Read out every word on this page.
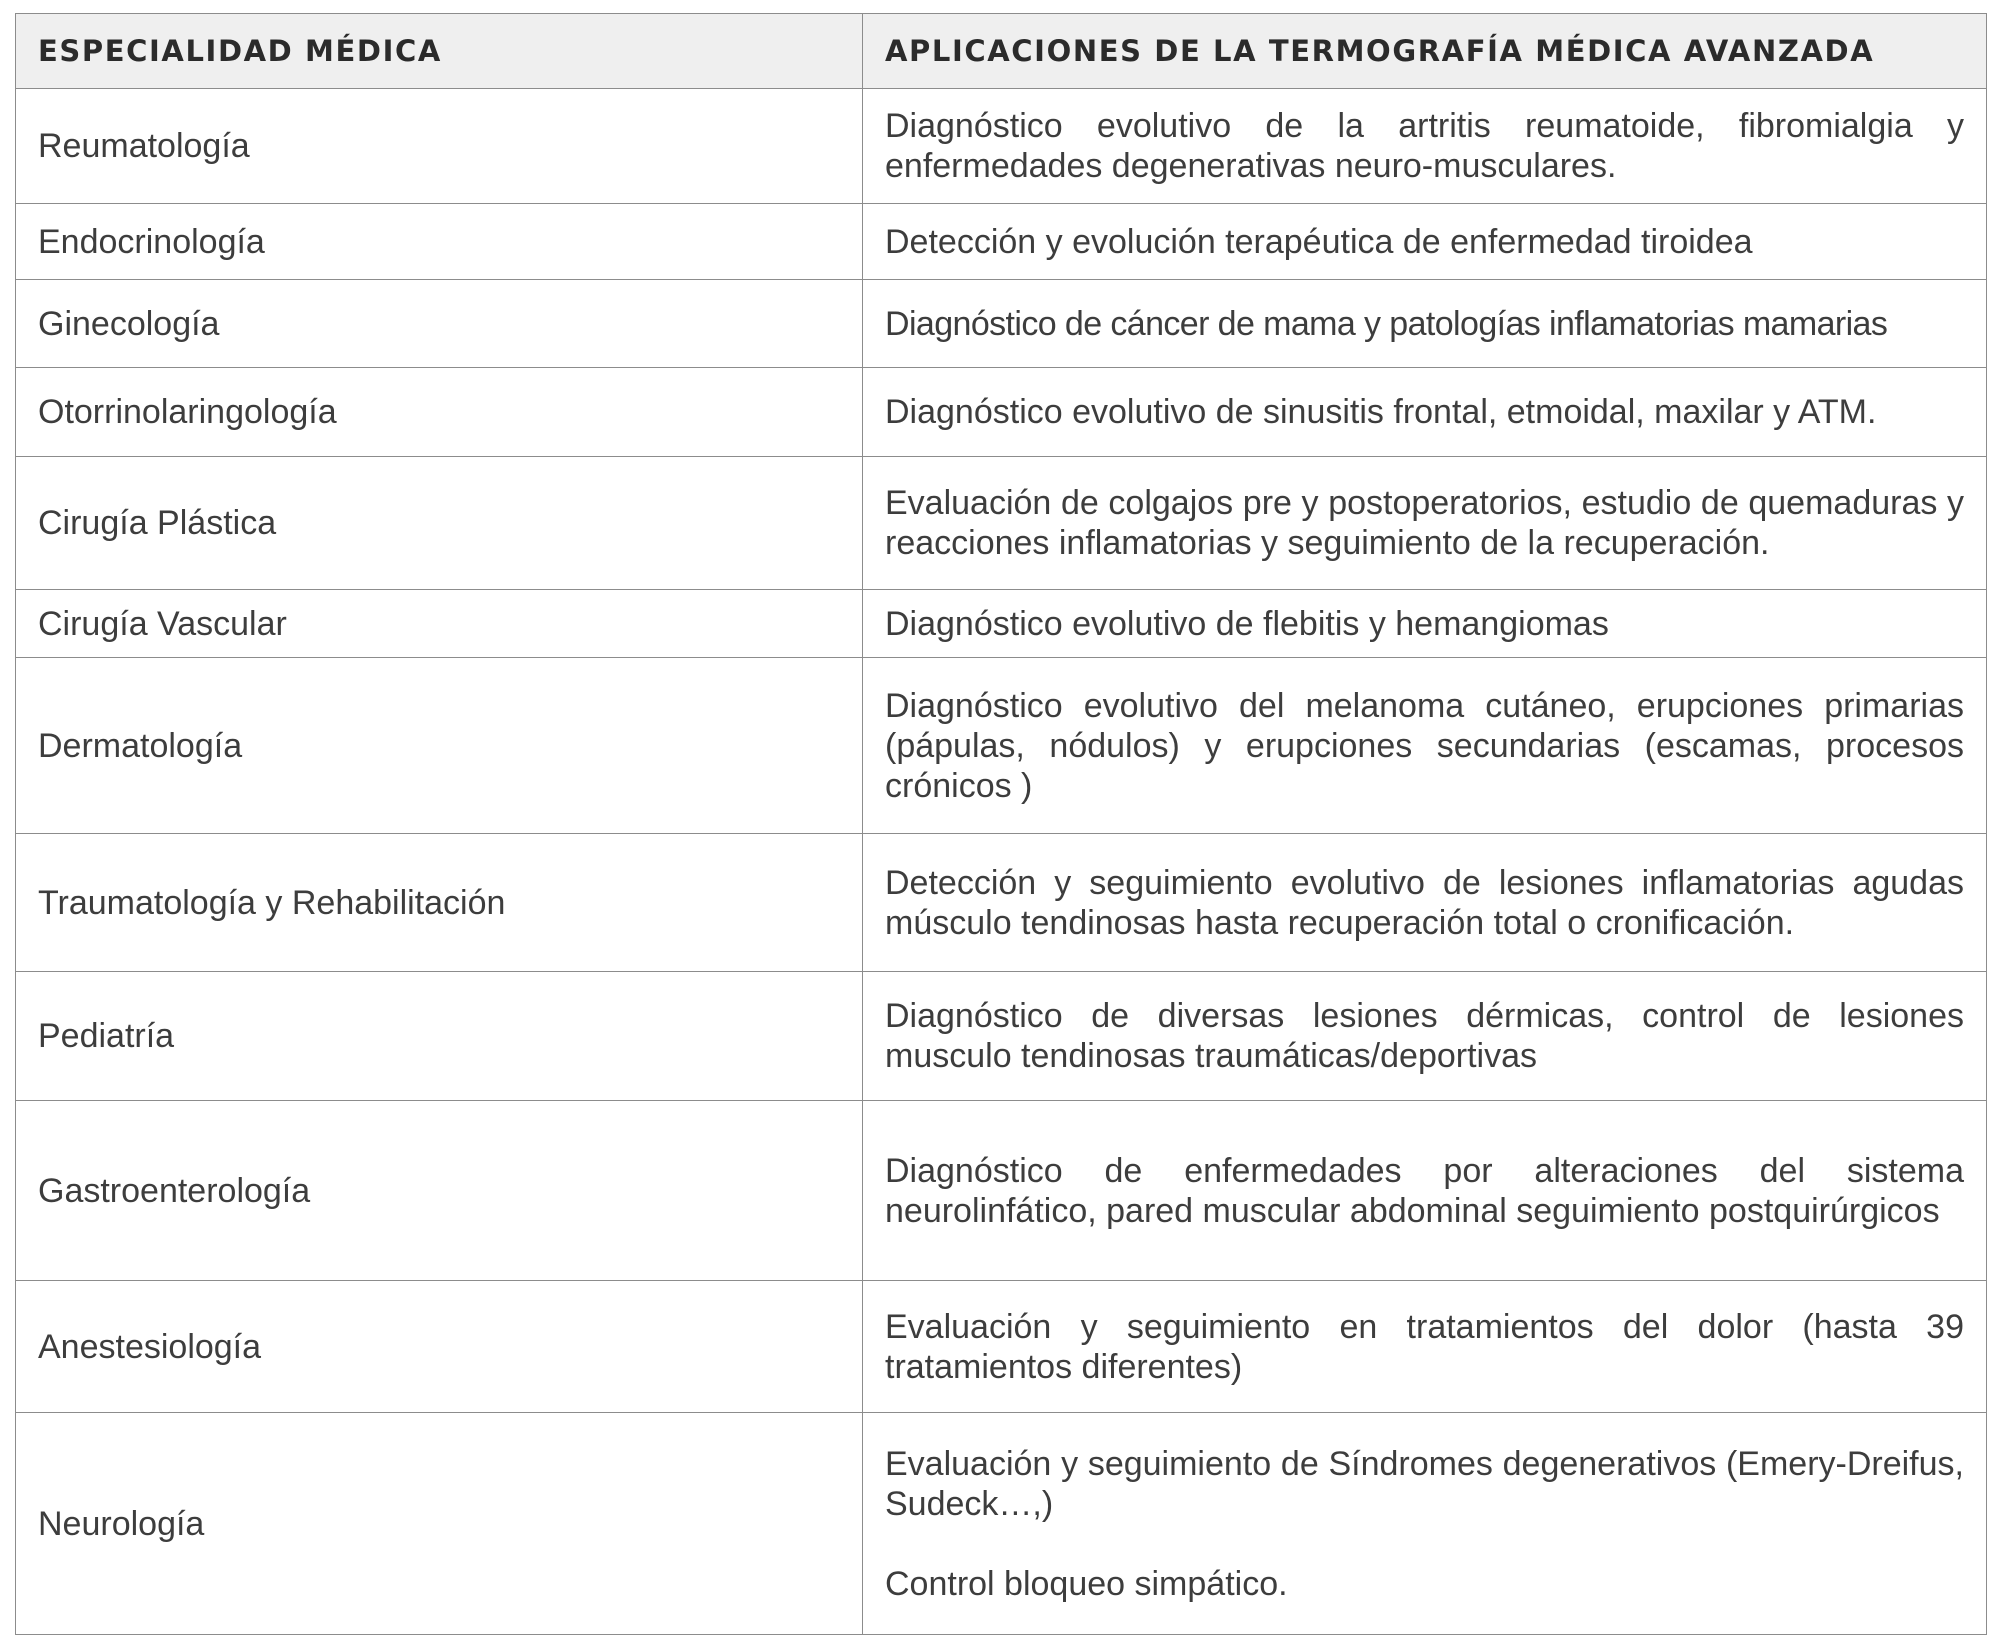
ESPECIALIDAD MÉDICA	APLICACIONES DE LA TERMOGRAFÍA MÉDICA AVANZADA
Reumatología	Diagnóstico evolutivo de la artritis reumatoide, fibromialgia y enfermedades degenerativas neuro-musculares.
Endocrinología	Detección y evolución terapéutica de enfermedad tiroidea
Ginecología	Diagnóstico de cáncer de mama y patologías inflamatorias mamarias
Otorrinolaringología	Diagnóstico evolutivo de sinusitis frontal, etmoidal, maxilar y ATM.
Cirugía Plástica	Evaluación de colgajos pre y postoperatorios, estudio de quemaduras y reacciones inflamatorias y seguimiento de la recuperación.
Cirugía Vascular	Diagnóstico evolutivo de flebitis y hemangiomas
Dermatología	Diagnóstico evolutivo del melanoma cutáneo, erupciones primarias (pápulas, nódulos) y erupciones secundarias (escamas, procesos crónicos )
Traumatología y Rehabilitación	Detección y seguimiento evolutivo de lesiones inflamatorias agudas músculo tendinosas hasta recuperación total o cronificación.
Pediatría	Diagnóstico de diversas lesiones dérmicas, control de lesiones musculo tendinosas traumáticas/deportivas
Gastroenterología	Diagnóstico de enfermedades por alteraciones del sistema neurolinfático, pared muscular abdominal seguimiento postquirúrgicos
Anestesiología	Evaluación y seguimiento en tratamientos del dolor (hasta 39 tratamientos diferentes)
Neurología	Evaluación y seguimiento de Síndromes degenerativos (Emery-Dreifus, Sudeck…,)
Control bloqueo simpático.
